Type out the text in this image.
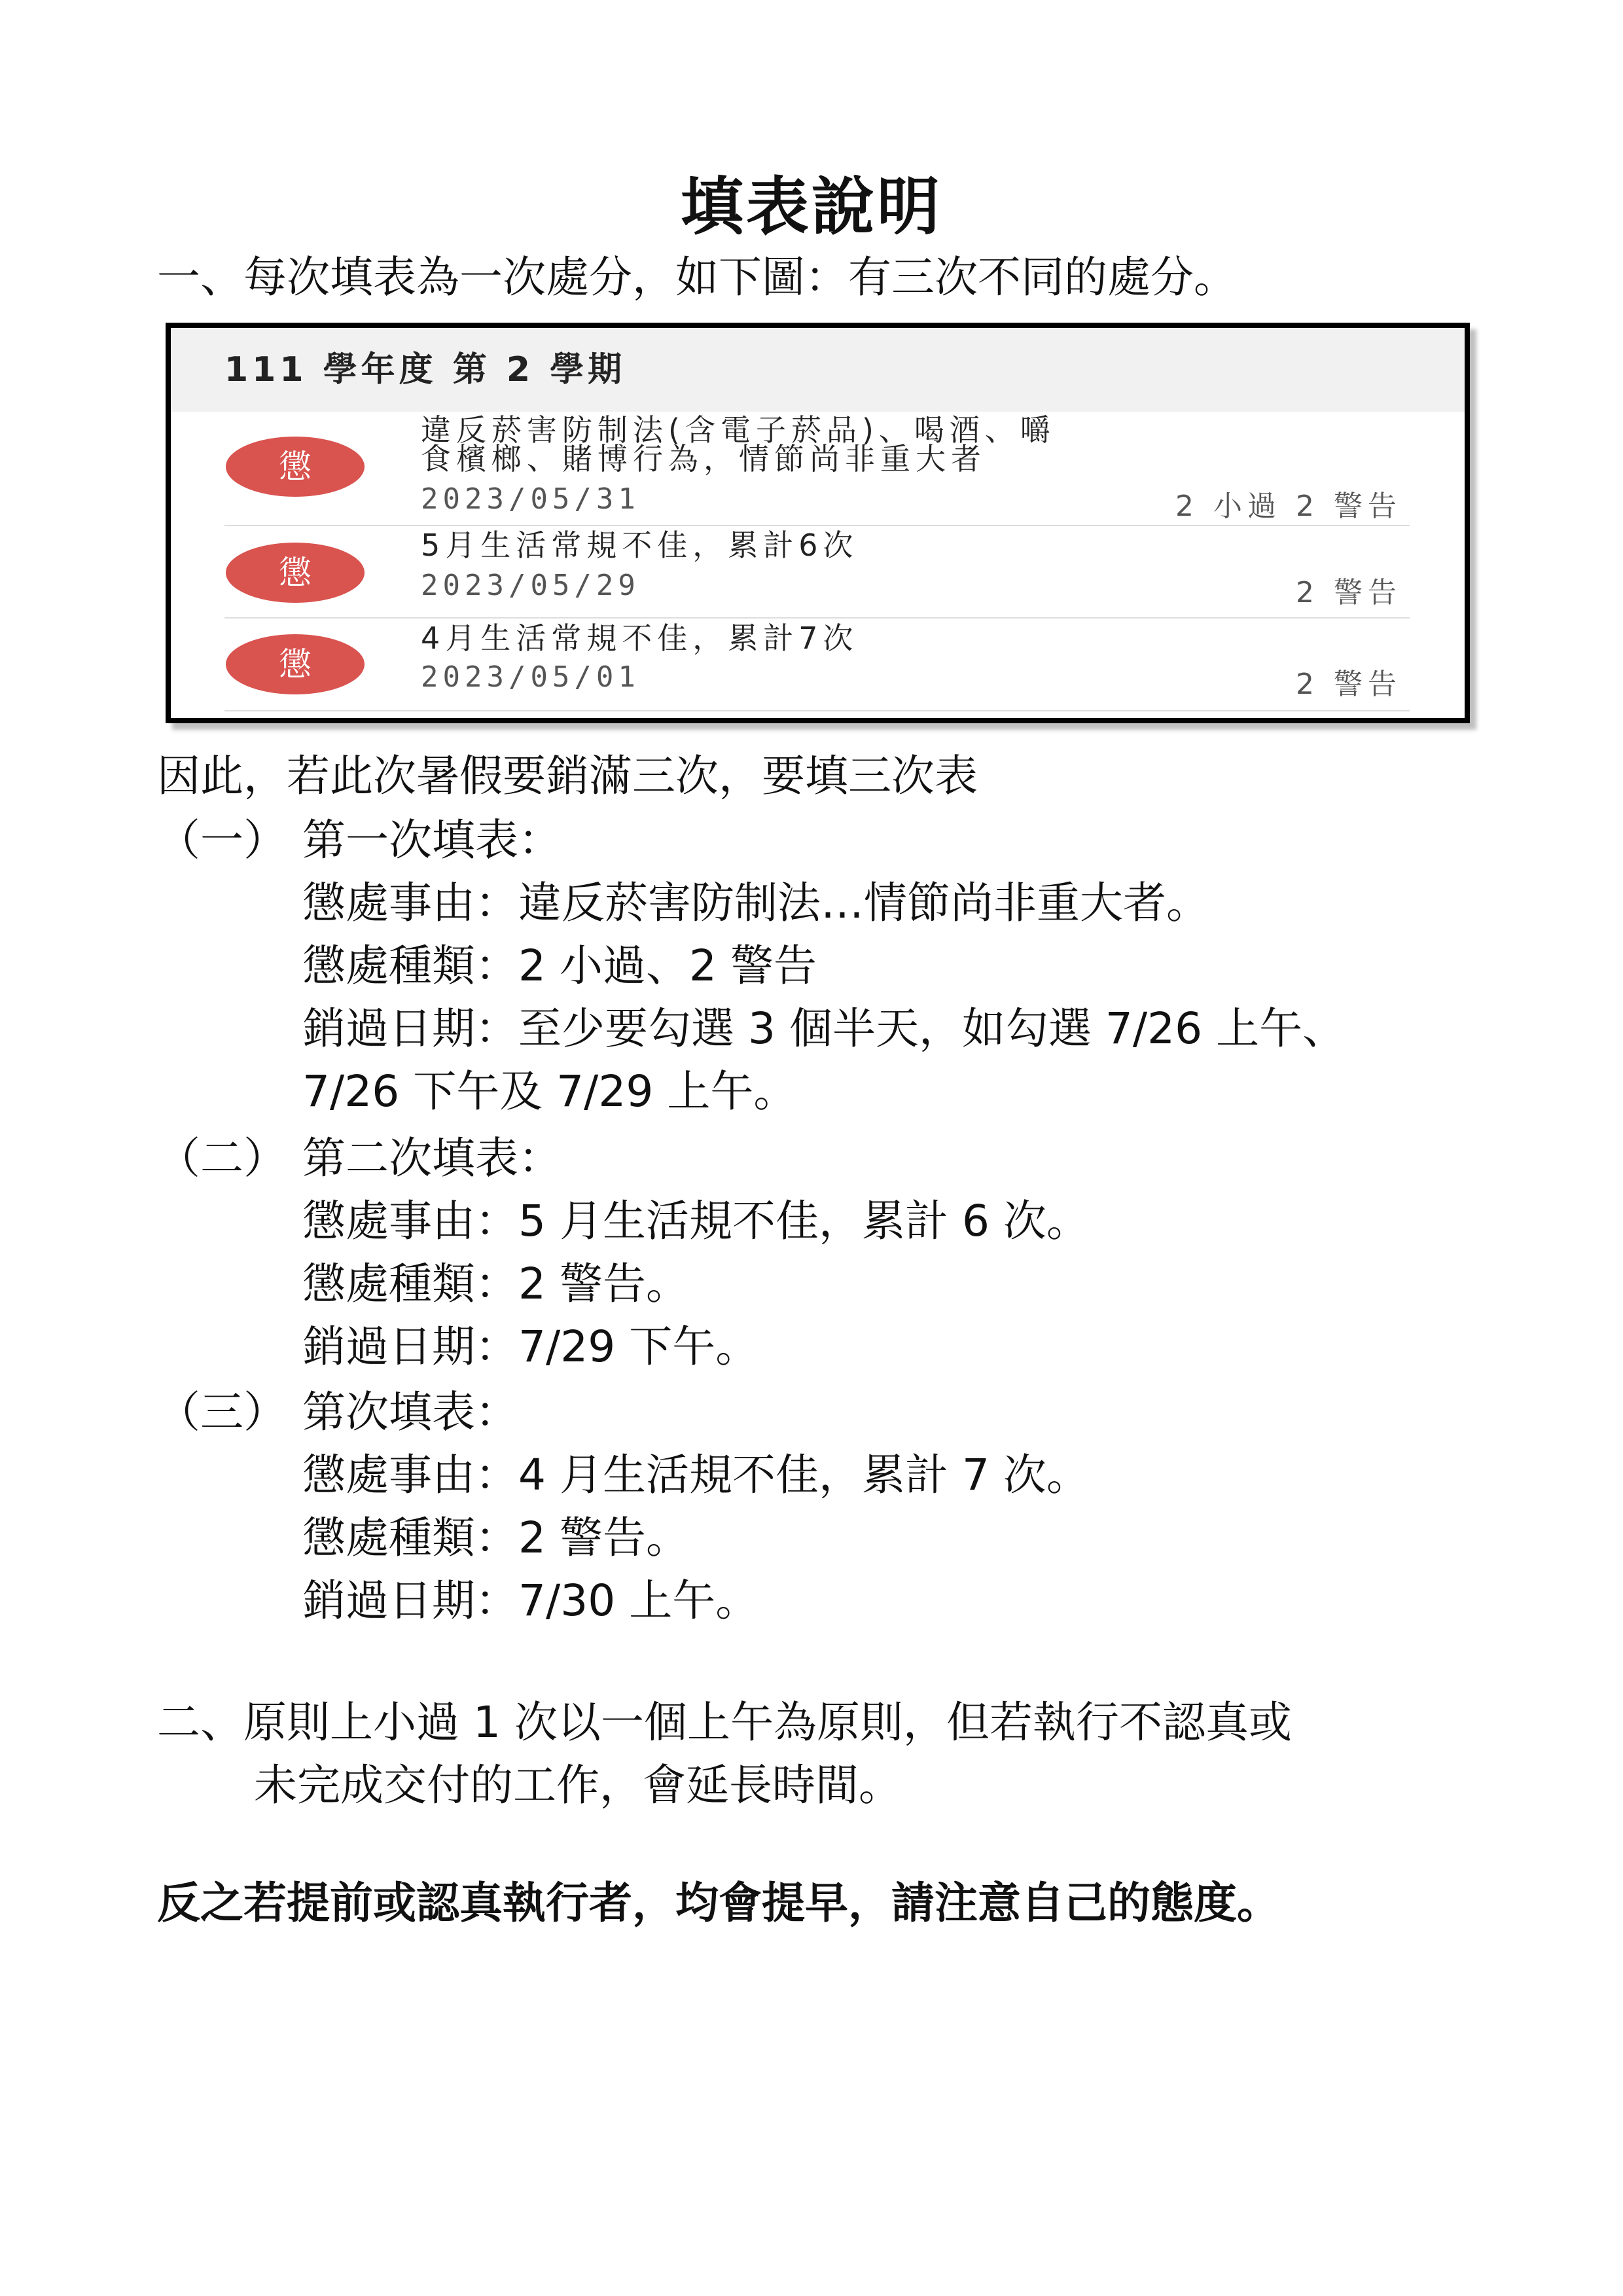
填表說明
一、每次填表為一次處分，如下圖：有三次不同的處分。
111 學年度 第 2 學期
懲
違反菸害防制法(含電子菸品)、喝酒、嚼
食檳榔、賭博行為，情節尚非重大者
2023/05/31	2 小過 2 警告
懲
5月生活常規不佳，累計6次
2023/05/29	2 警告
懲
4月生活常規不佳，累計7次
2023/05/01	2 警告
因此，若此次暑假要銷滿三次，要填三次表
（一） 第一次填表：
懲處事由：違反菸害防制法…情節尚非重大者。
懲處種類：2 小過、2 警告
銷過日期：至少要勾選 3 個半天，如勾選 7/26 上午、
7/26 下午及 7/29 上午。
（二） 第二次填表：
懲處事由：5 月生活規不佳，累計 6 次。
懲處種類：2 警告。
銷過日期：7/29 下午。
（三） 第次填表：
懲處事由：4 月生活規不佳，累計 7 次。
懲處種類：2 警告。
銷過日期：7/30 上午。
二、原則上小過 1 次以一個上午為原則，但若執行不認真或
未完成交付的工作，會延長時間。
反之若提前或認真執行者，均會提早，請注意自己的態度。
